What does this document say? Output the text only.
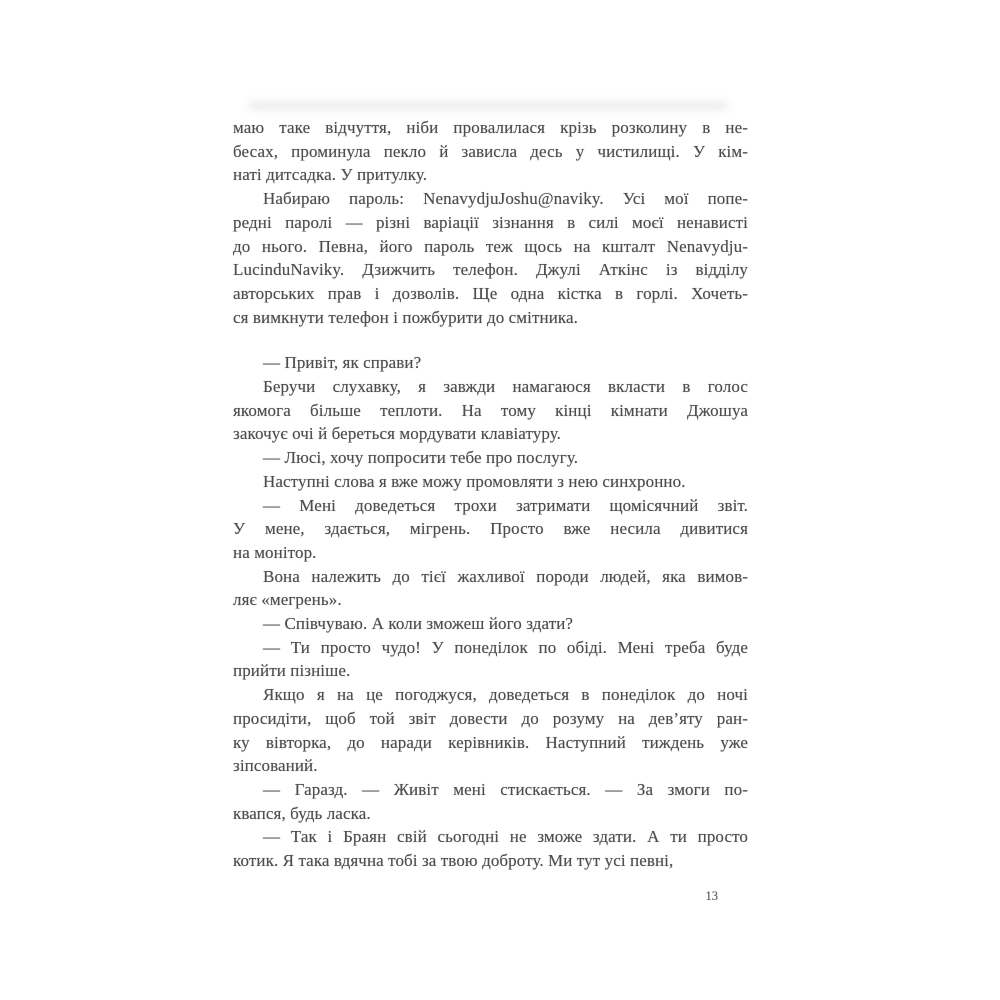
маю таке відчуття, ніби провалилася крізь розколину в не-
бесах, проминула пекло й зависла десь у чистилищі. У кім-
наті дитсадка. У притулку.
Набираю пароль: NenavydjuJoshu@naviky. Усі мої попе-
редні паролі — різні варіації зізнання в силі моєї ненависті
до нього. Певна, його пароль теж щось на кшталт Nenavydju-
LucinduNaviky. Дзижчить телефон. Джулі Аткінс із відділу
авторських прав і дозволів. Ще одна кістка в горлі. Хочеть-
ся вимкнути телефон і пожбурити до смітника.
— Привіт, як справи?
Беручи слухавку, я завжди намагаюся вкласти в голос
якомога більше теплоти. На тому кінці кімнати Джошуа
закочує очі й береться мордувати клавіатуру.
— Люсі, хочу попросити тебе про послугу.
Наступні слова я вже можу промовляти з нею синхронно.
— Мені доведеться трохи затримати щомісячний звіт.
У мене, здається, мігрень. Просто вже несила дивитися
на монітор.
Вона належить до тієї жахливої породи людей, яка вимов-
ляє «мегрень».
— Співчуваю. А коли зможеш його здати?
— Ти просто чудо! У понеділок по обіді. Мені треба буде
прийти пізніше.
Якщо я на це погоджуся, доведеться в понеділок до ночі
просидіти, щоб той звіт довести до розуму на дев’яту ран-
ку вівторка, до наради керівників. Наступний тиждень уже
зіпсований.
— Гаразд. — Живіт мені стискається. — За змоги по-
квапся, будь ласка.
— Так і Браян свій сьогодні не зможе здати. А ти просто
котик. Я така вдячна тобі за твою доброту. Ми тут усі певні,
13
